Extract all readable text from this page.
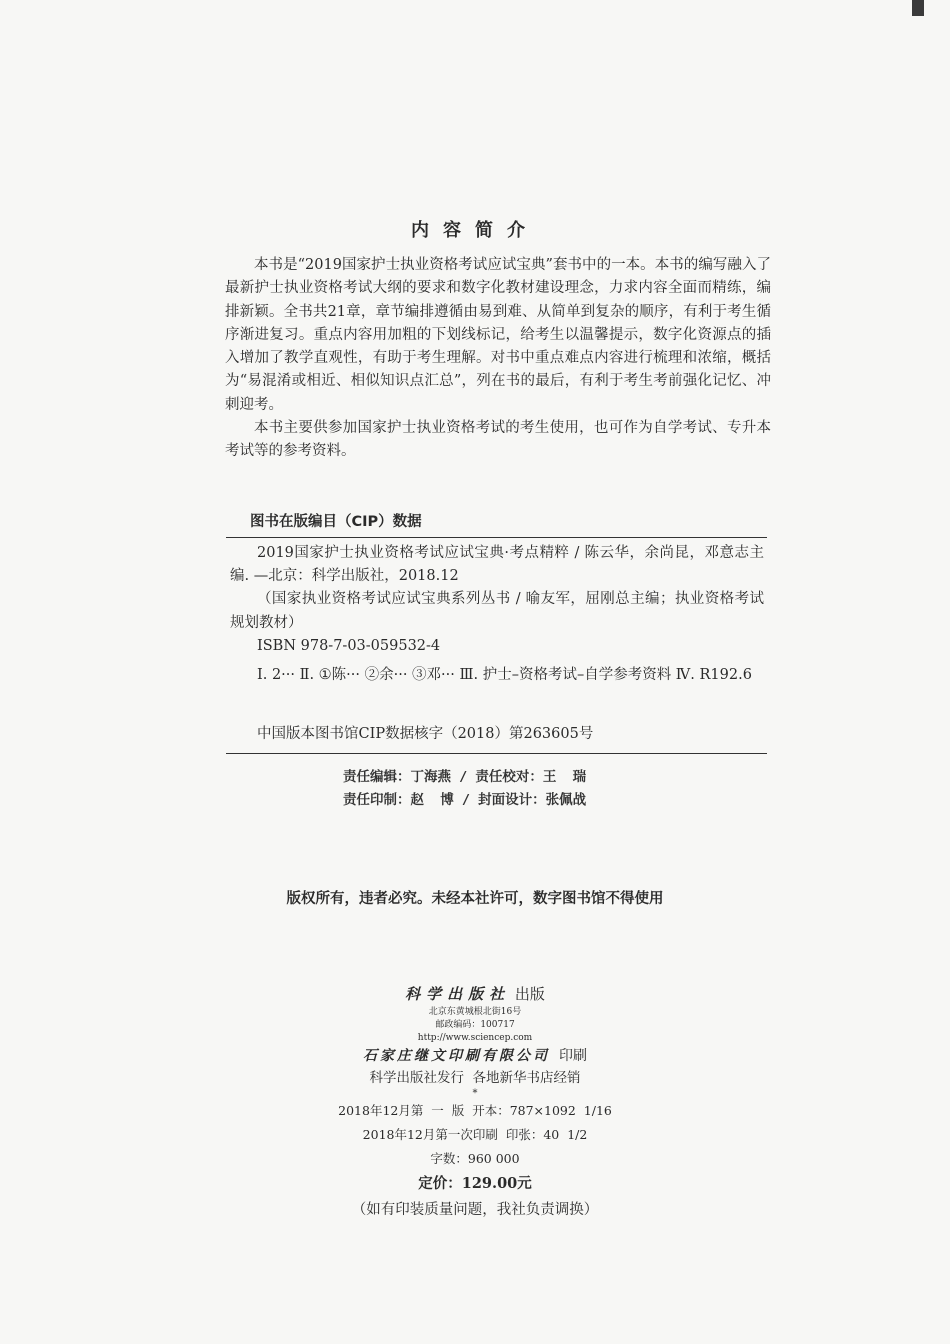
内容简介

本书是“2019国家护士执业资格考试应试宝典”套书中的一本。本书的编写融入了最新护士执业资格考试大纲的要求和数字化教材建设理念，力求内容全面而精练，编排新颖。全书共21章，章节编排遵循由易到难、从简单到复杂的顺序，有利于考生循序渐进复习。重点内容用加粗的下划线标记，给考生以温馨提示，数字化资源点的插入增加了教学直观性，有助于考生理解。对书中重点难点内容进行梳理和浓缩，概括为“易混淆或相近、相似知识点汇总”，列在书的最后，有利于考生考前强化记忆、冲刺迎考。

本书主要供参加国家护士执业资格考试的考生使用，也可作为自学考试、专升本考试等的参考资料。

图书在版编目（CIP）数据

2019国家护士执业资格考试应试宝典·考点精粹 / 陈云华，余尚昆，邓意志主编. —北京：科学出版社，2018.12

（国家执业资格考试应试宝典系列丛书 / 喻友军，屈刚总主编；执业资格考试规划教材）

ISBN 978-7-03-059532-4

Ⅰ. 2··· Ⅱ. ①陈··· ②余··· ③邓··· Ⅲ. 护士–资格考试–自学参考资料 Ⅳ. R192.6

中国版本图书馆CIP数据核字（2018）第263605号
责任编辑：丁海燕 / 责任校对：王  瑞
责任印制：赵  博 / 封面设计：张佩战
版权所有，违者必究。未经本社许可，数字图书馆不得使用
科学出版社 出版
北京东黄城根北街16号
邮政编码：100717
http://www.sciencep.com
石家庄继文印刷有限公司 印刷
科学出版社发行  各地新华书店经销
*
2018年12月第  一  版  开本：787×1092  1/16
2018年12月第一次印刷  印张：40  1/2
字数：960 000
定价：129.00元
（如有印装质量问题，我社负责调换）
